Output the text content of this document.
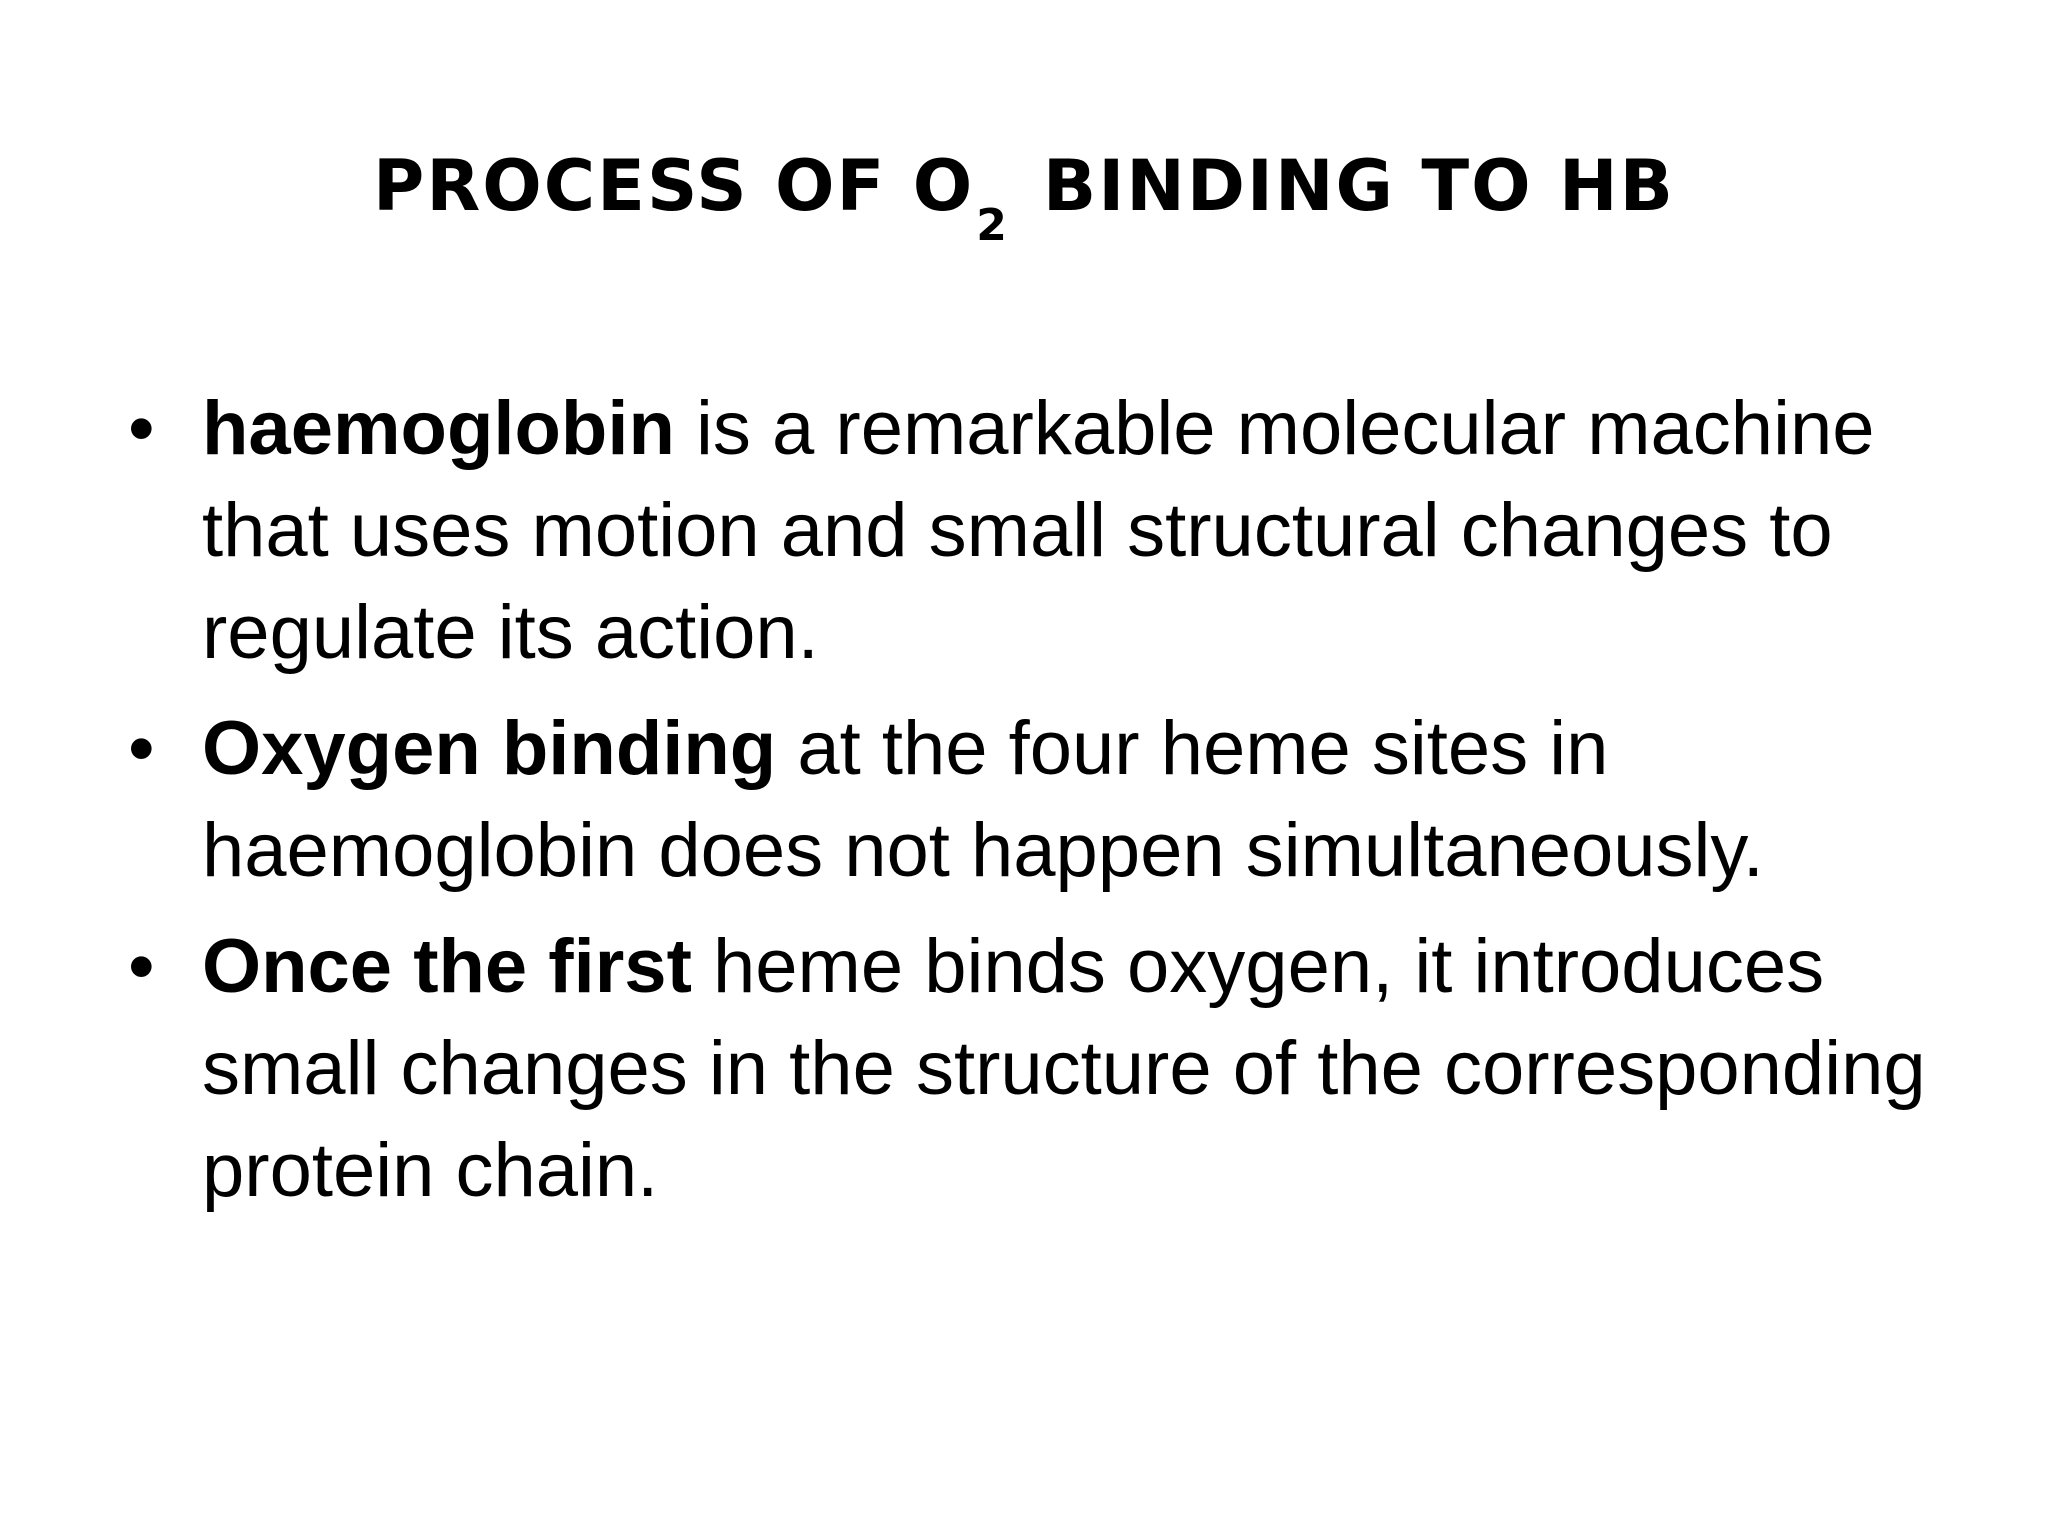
PROCESS OF $O_2$ BINDING TO HB
• haemoglobin is a remarkable molecular machine that uses motion and small structural changes to regulate its action.
• Oxygen binding at the four heme sites in haemoglobin does not happen simultaneously.
• Once the first heme binds oxygen, it introduces small changes in the structure of the corresponding protein chain.
